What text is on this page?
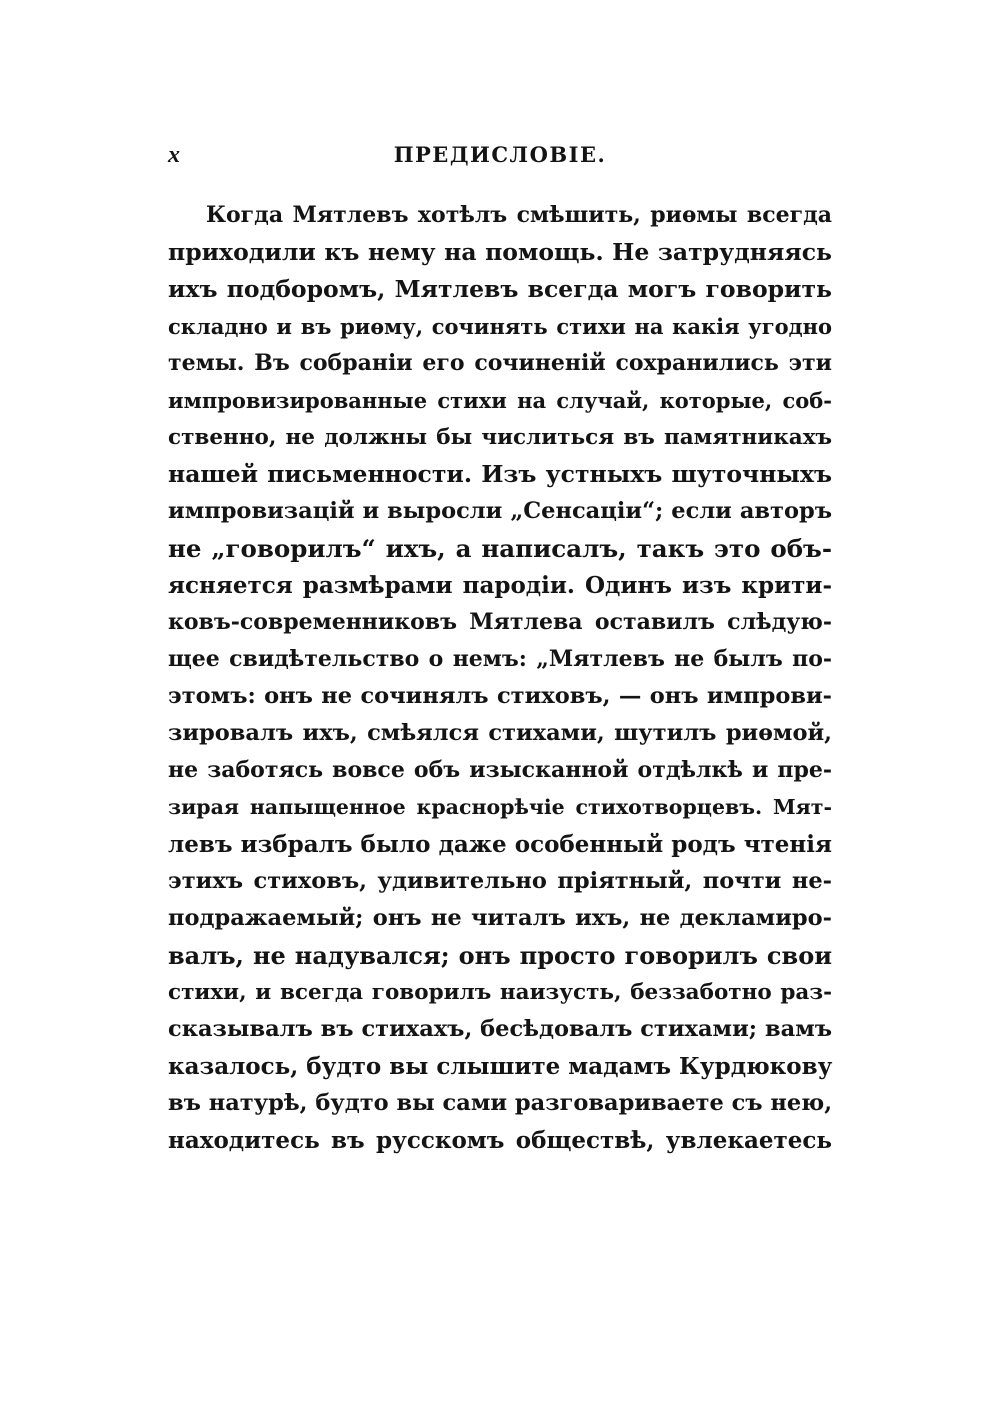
x	ПРЕДИСЛОВІЕ.
Когда Мятлевъ хотѣлъ смѣшить, риѳмы всегда
приходили къ нему на помощь. Не затрудняясь
ихъ подборомъ, Мятлевъ всегда могъ говорить
складно и въ риѳму, сочинять стихи на какія угодно
темы. Въ собраніи его сочиненій сохранились эти
импровизированные стихи на случай, которые, соб-
ственно, не должны бы числиться въ памятникахъ
нашей письменности. Изъ устныхъ шуточныхъ
импровизацій и выросли „Сенсаціи“; если авторъ
не „говорилъ“ ихъ, а написалъ, такъ это объ-
ясняется размѣрами пародіи. Одинъ изъ крити-
ковъ-современниковъ Мятлева оставилъ слѣдую-
щее свидѣтельство о немъ: „Мятлевъ не былъ по-
этомъ: онъ не сочинялъ стиховъ, — онъ импрови-
зировалъ ихъ, смѣялся стихами, шутилъ риѳмой,
не заботясь вовсе объ изысканной отдѣлкѣ и пре-
зирая напыщенное краснорѣчіе стихотворцевъ. Мят-
левъ избралъ было даже особенный родъ чтенія
этихъ стиховъ, удивительно пріятный, почти не-
подражаемый; онъ не читалъ ихъ, не декламиро-
валъ, не надувался; онъ просто говорилъ свои
стихи, и всегда говорилъ наизусть, беззаботно раз-
сказывалъ въ стихахъ, бесѣдовалъ стихами; вамъ
казалось, будто вы слышите мадамъ Курдюкову
въ натурѣ, будто вы сами разговариваете съ нею,
находитесь въ русскомъ обществѣ, увлекаетесь
